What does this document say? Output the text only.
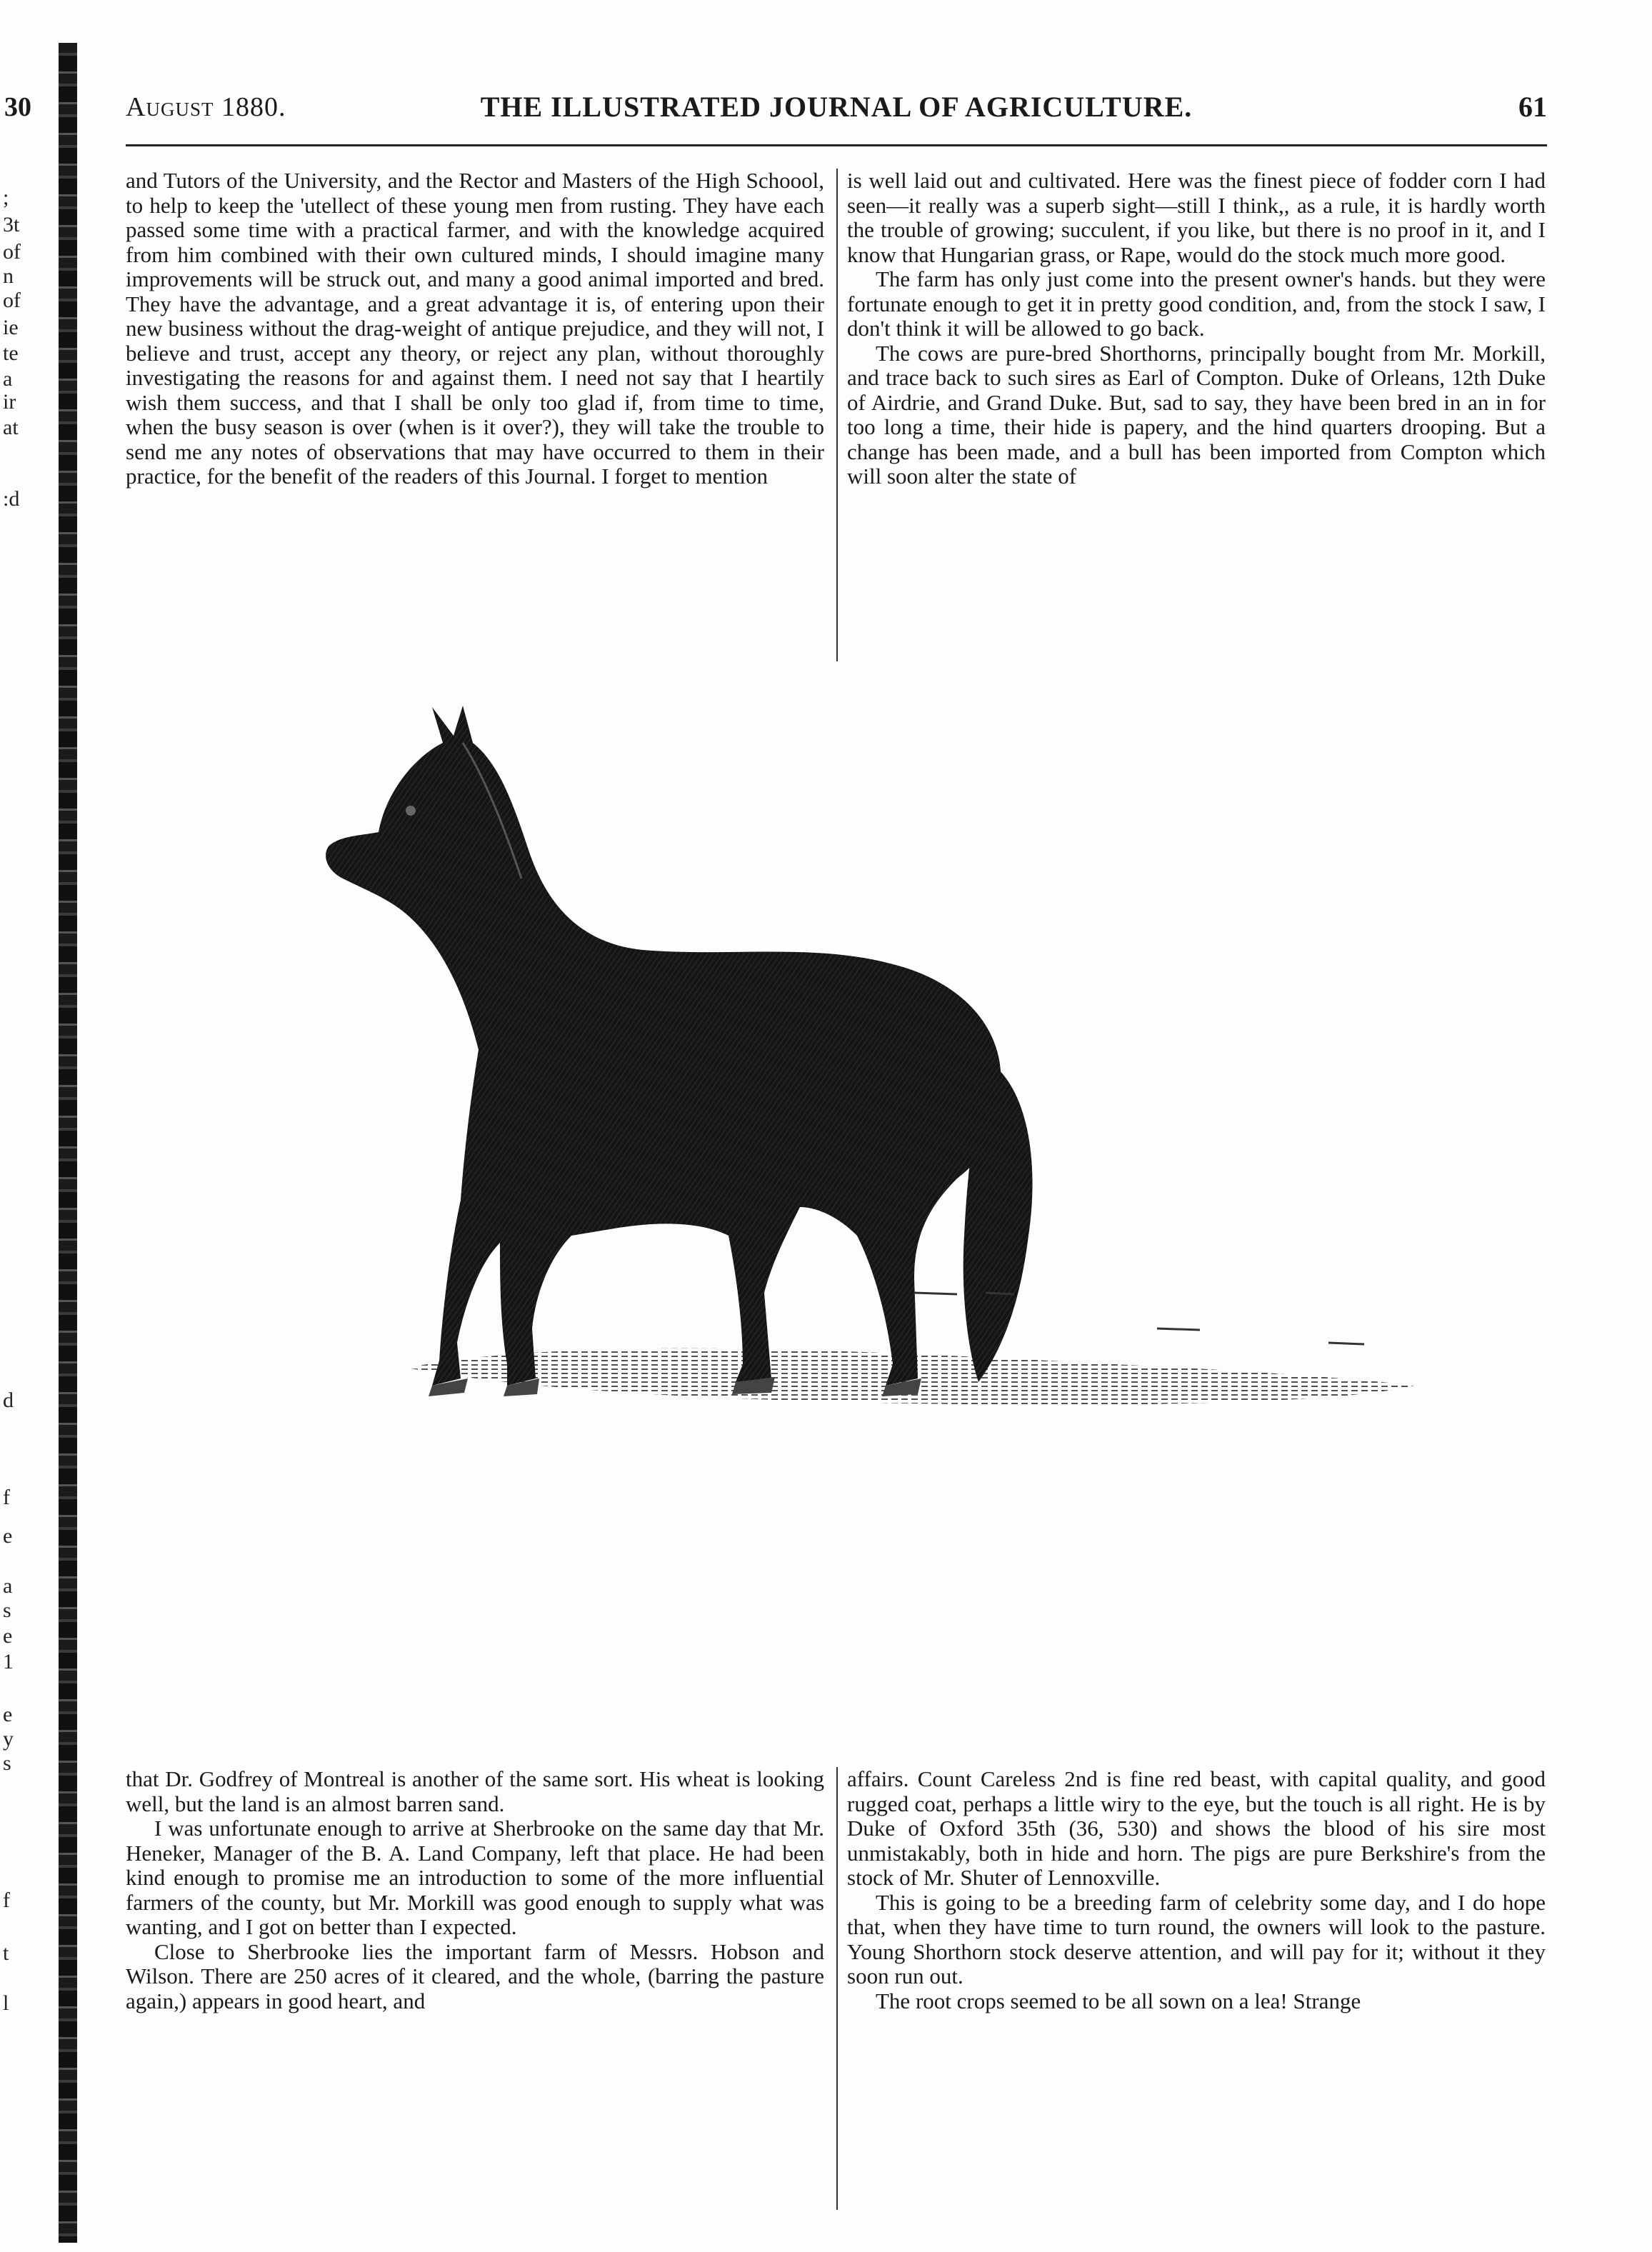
30
;
3t
of
n
of
ie
te
a
ir
at
:d
d
f
e
a
s
e
1
e
y
s
f
t
l
August 1880.	THE ILLUSTRATED JOURNAL OF AGRICULTURE.	61

and Tutors of the University, and the Rector and Masters of the High Schoool, to help to keep the 'utellect of these young men from rusting. They have each passed some time with a practical farmer, and with the knowledge acquired from him combined with their own cultured minds, I should imagine many improvements will be struck out, and many a good animal imported and bred. They have the advantage, and a great advantage it is, of entering upon their new business without the drag-weight of antique prejudice, and they will not, I believe and trust, accept any theory, or reject any plan, without thoroughly investigating the reasons for and against them. I need not say that I heartily wish them success, and that I shall be only too glad if, from time to time, when the busy season is over (when is it over?), they will take the trouble to send me any notes of observations that may have occurred to them in their practice, for the benefit of the readers of this Journal. I forget to mention

is well laid out and cultivated. Here was the finest piece of fodder corn I had seen—it really was a superb sight—still I think,, as a rule, it is hardly worth the trouble of growing; succulent, if you like, but there is no proof in it, and I know that Hungarian grass, or Rape, would do the stock much more good.

The farm has only just come into the present owner's hands. but they were fortunate enough to get it in pretty good condition, and, from the stock I saw, I don't think it will be allowed to go back.

The cows are pure-bred Shorthorns, principally bought from Mr. Morkill, and trace back to such sires as Earl of Compton. Duke of Orleans, 12th Duke of Airdrie, and Grand Duke. But, sad to say, they have been bred in an in for too long a time, their hide is papery, and the hind quarters drooping. But a change has been made, and a bull has been imported from Compton which will soon alter the state of

that Dr. Godfrey of Montreal is another of the same sort. His wheat is looking well, but the land is an almost barren sand.

I was unfortunate enough to arrive at Sherbrooke on the same day that Mr. Heneker, Manager of the B. A. Land Company, left that place. He had been kind enough to promise me an introduction to some of the more influential farmers of the county, but Mr. Morkill was good enough to supply what was wanting, and I got on better than I expected.

Close to Sherbrooke lies the important farm of Messrs. Hobson and Wilson. There are 250 acres of it cleared, and the whole, (barring the pasture again,) appears in good heart, and

affairs. Count Careless 2nd is fine red beast, with capital quality, and good rugged coat, perhaps a little wiry to the eye, but the touch is all right. He is by Duke of Oxford 35th (36, 530) and shows the blood of his sire most unmistakably, both in hide and horn. The pigs are pure Berkshire's from the stock of Mr. Shuter of Lennoxville.

This is going to be a breeding farm of celebrity some day, and I do hope that, when they have time to turn round, the owners will look to the pasture. Young Shorthorn stock deserve attention, and will pay for it; without it they soon run out.

The root crops seemed to be all sown on a lea! Strange
